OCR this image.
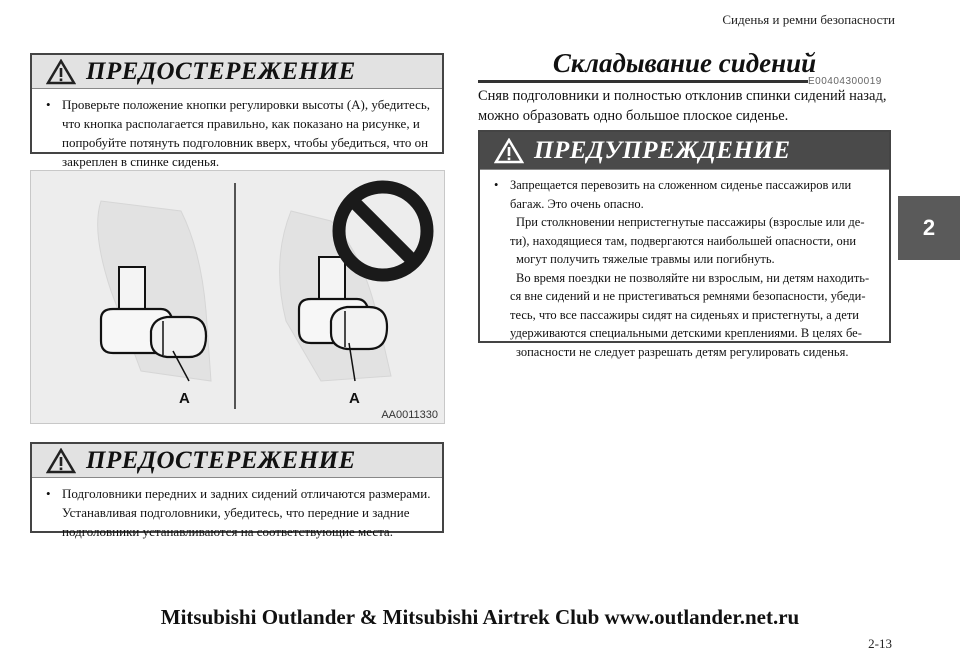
Сиденья и ремни безопасности
ПРЕДОСТЕРЕЖЕНИЕ
• Проверьте положение кнопки регулировки высоты (А), убедитесь,

что кнопка располагается правильно, как показано на рисунке, и

попробуйте потянуть подголовник вверх, чтобы убедиться, что он

закреплен в спинке сиденья.

A	A
AA0011330
ПРЕДОСТЕРЕЖЕНИЕ
• Подголовники передних и задних сидений отличаются размерами.

Устанавливая подголовники, убедитесь, что передние и задние

подголовники устанавливаются на соответствующие места.

Складывание сидений
E00404300019
Сняв подголовники и полностью отклонив спинки сидений назад,
можно образовать одно большое плоское сиденье.
ПРЕДУПРЕЖДЕНИЕ
• Запрещается перевозить на сложенном сиденье пассажиров или

багаж. Это очень опасно.

При столкновении непристегнутые пассажиры (взрослые или де-

ти), находящиеся там, подвергаются наибольшей опасности, они

могут получить тяжелые травмы или погибнуть.

Во время поездки не позволяйте ни взрослым, ни детям находить-

ся вне сидений и не пристегиваться ремнями безопасности, убеди-

тесь, что все пассажиры сидят на сиденьях и пристегнуты, а дети

удерживаются специальными детскими креплениями. В целях бе-

зопасности не следует разрешать детям регулировать сиденья.

2
Mitsubishi Outlander & Mitsubishi Airtrek Club www.outlander.net.ru
2-13
